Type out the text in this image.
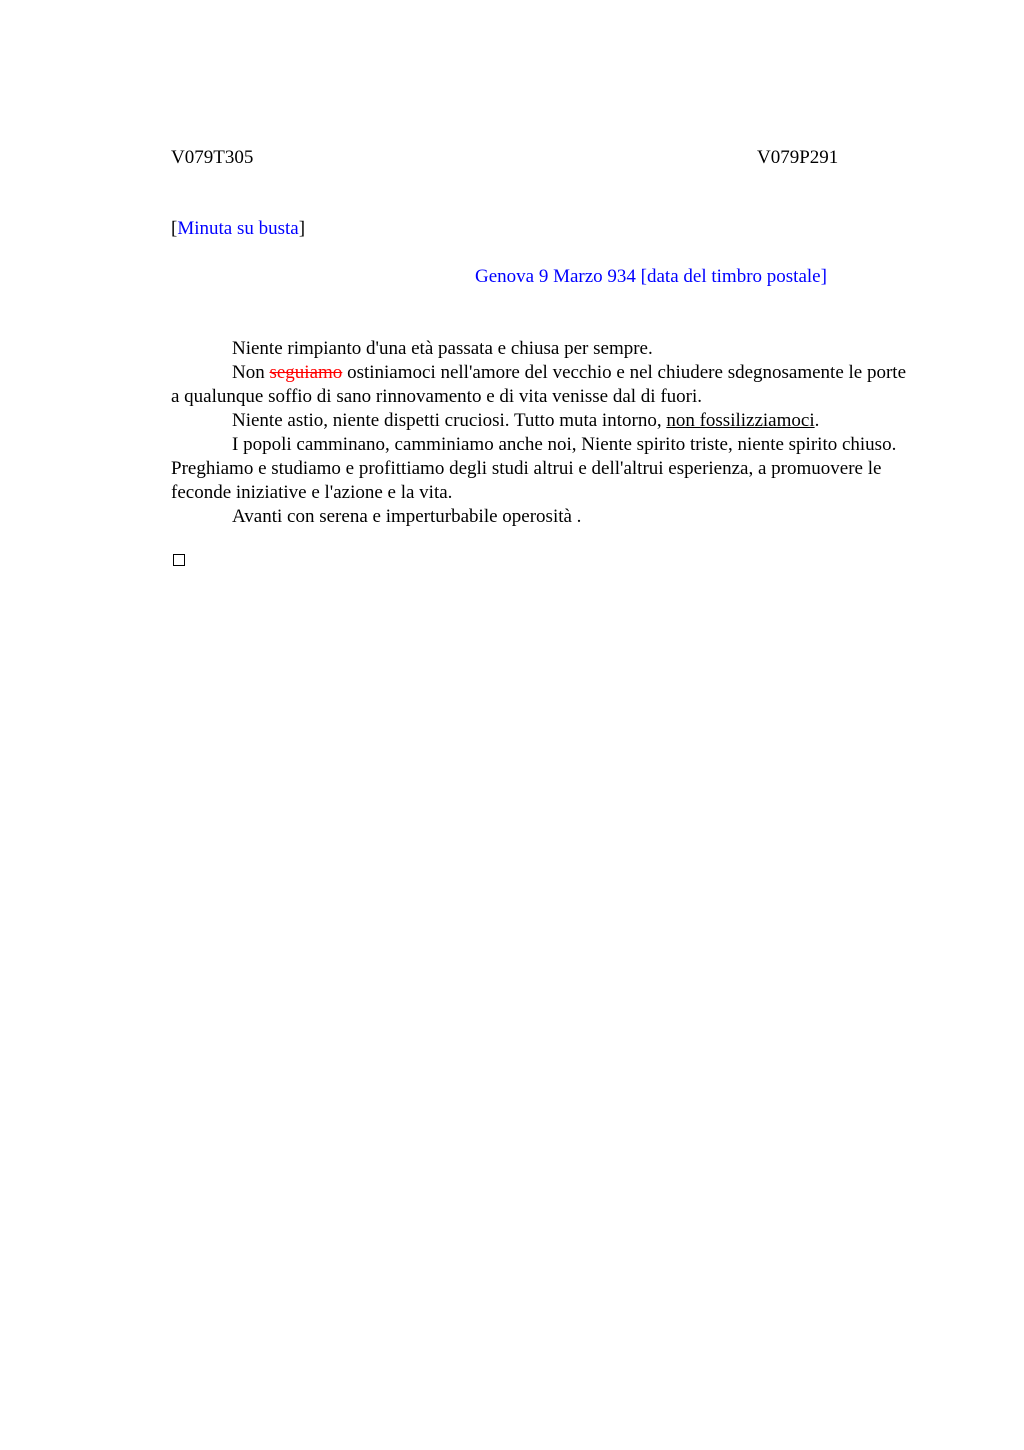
V079T305	V079P291
[Minuta su busta]
Genova 9 Marzo 934 [data del timbro postale]

Niente rimpianto d'una età passata e chiusa per sempre.

Non seguiamo ostiniamoci nell'amore del vecchio e nel chiudere sdegnosamente le porte a qualunque soffio di sano rinnovamento e di vita venisse dal di fuori.

Niente astio, niente dispetti cruciosi. Tutto muta intorno, non fossilizziamoci.

I popoli camminano, camminiamo anche noi, Niente spirito triste, niente spirito chiuso. Preghiamo e studiamo e profittiamo degli studi altrui e dell'altrui esperienza, a promuovere le feconde iniziative e l'azione e la vita.

Avanti con serena e imperturbabile operosità .
